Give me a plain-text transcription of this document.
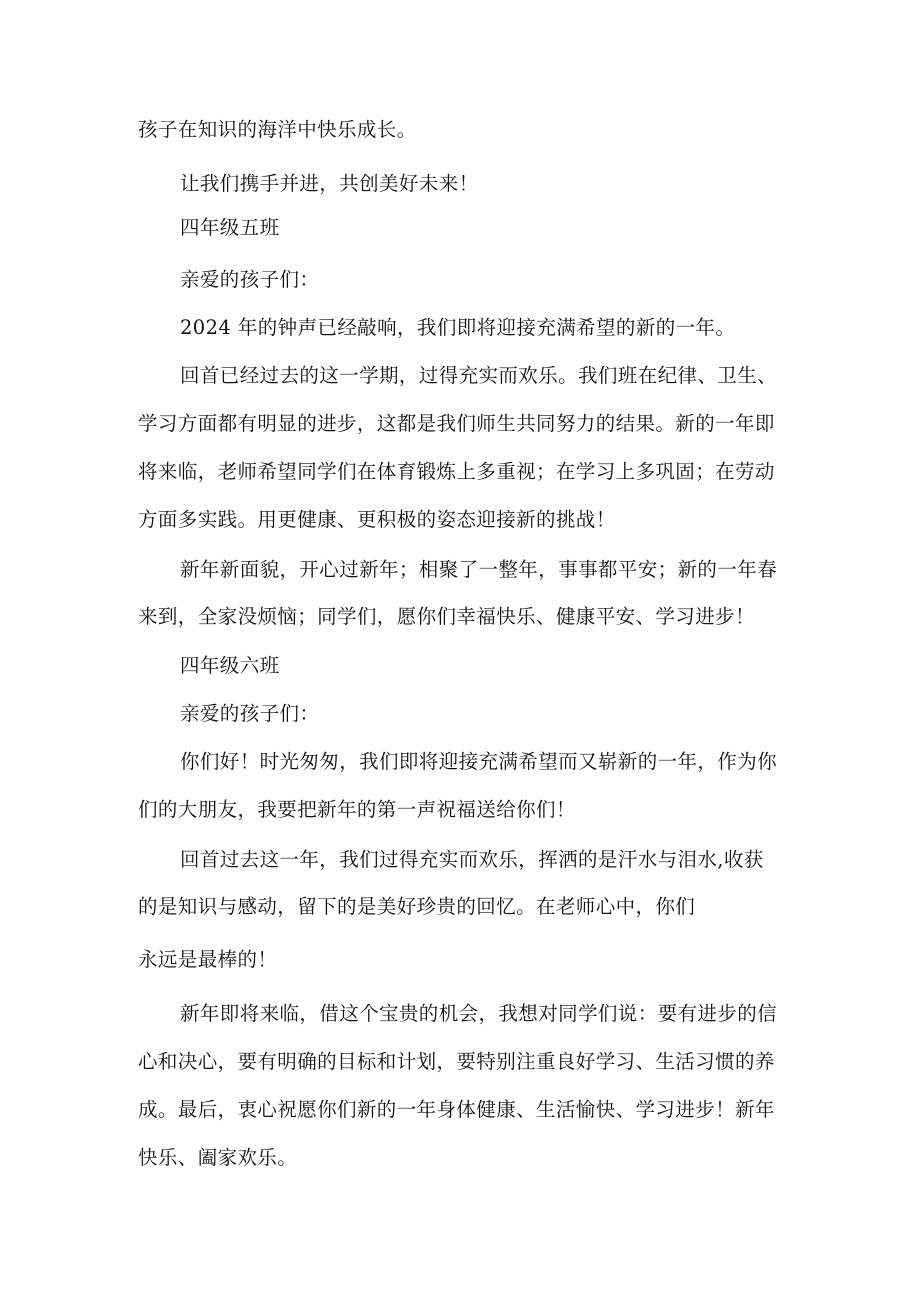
孩子在知识的海洋中快乐成长。
让我们携手并进，共创美好未来！
四年级五班
亲爱的孩子们：
2024 年的钟声已经敲响，我们即将迎接充满希望的新的一年。
回首已经过去的这一学期，过得充实而欢乐。我们班在纪律、卫生、
学习方面都有明显的进步，这都是我们师生共同努力的结果。新的一年即
将来临，老师希望同学们在体育锻炼上多重视；在学习上多巩固；在劳动
方面多实践。用更健康、更积极的姿态迎接新的挑战！
新年新面貌，开心过新年；相聚了一整年，事事都平安；新的一年春
来到，全家没烦恼；同学们，愿你们幸福快乐、健康平安、学习进步！
四年级六班
亲爱的孩子们：
你们好！时光匆匆，我们即将迎接充满希望而又崭新的一年，作为你
们的大朋友，我要把新年的第一声祝福送给你们！
回首过去这一年，我们过得充实而欢乐，挥洒的是汗水与泪水,收获
的是知识与感动，留下的是美好珍贵的回忆。在老师心中，你们
永远是最棒的！
新年即将来临，借这个宝贵的机会，我想对同学们说：要有进步的信
心和决心，要有明确的目标和计划，要特别注重良好学习、生活习惯的养
成。最后，衷心祝愿你们新的一年身体健康、生活愉快、学习进步！新年
快乐、阖家欢乐。
